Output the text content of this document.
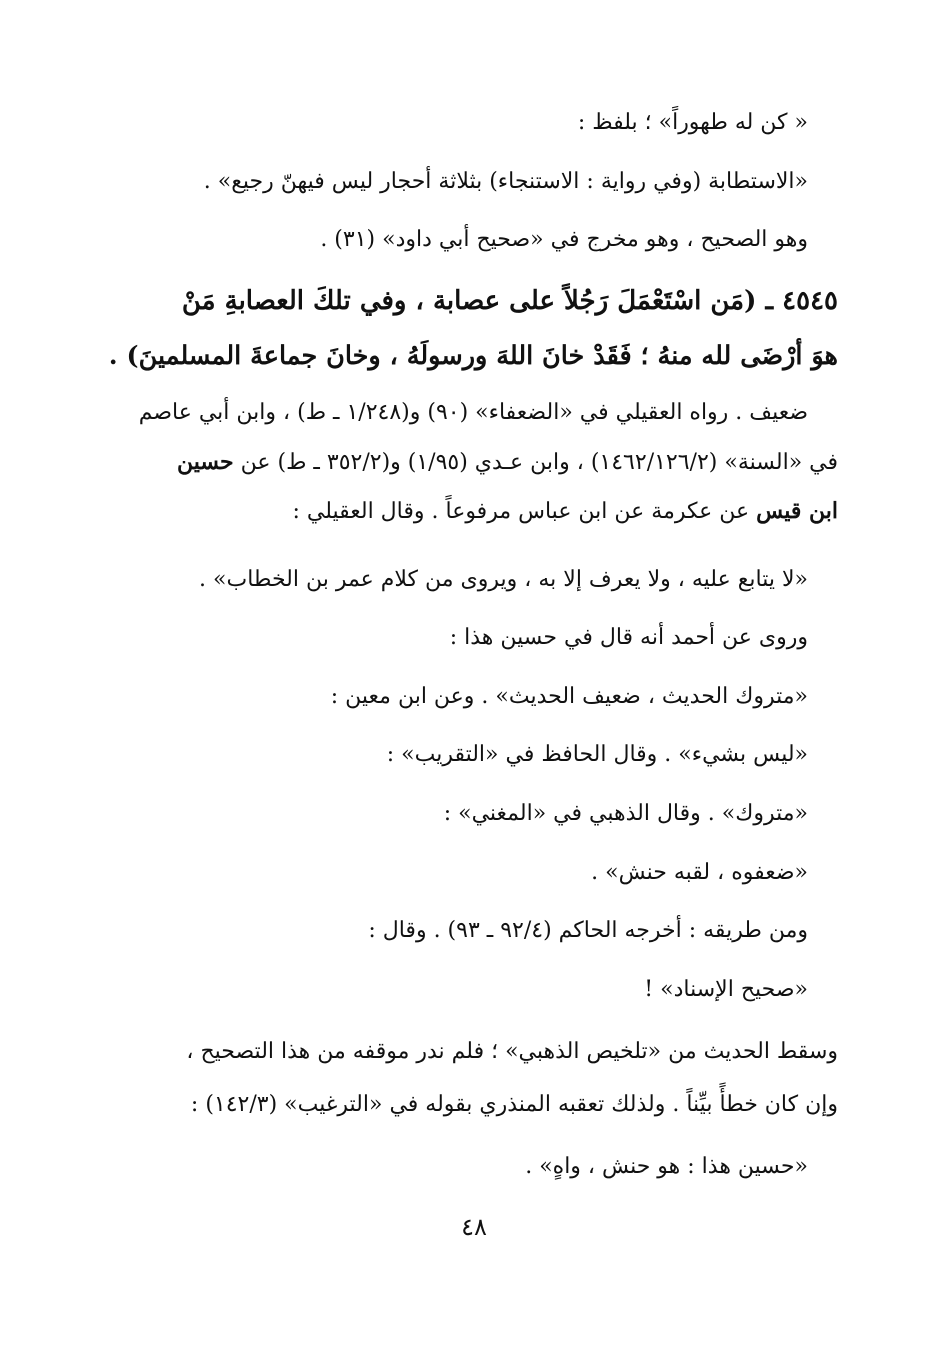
« كن له طهوراً» ؛ بلفظ :
«الاستطابة (وفي رواية : الاستنجاء) بثلاثة أحجار ليس فيهنّ رجيع» .
وهو الصحيح ، وهو مخرج في «صحيح أبي داود» (٣١) .
٤٥٤٥ ـ (مَن اسْتَعْمَلَ رَجُلاً على عصابة ، وفي تلكَ العصابةِ مَنْ
هوَ أرْضَى لله منهُ ؛ فَقَدْ خانَ اللهَ ورسولَهُ ، وخانَ جماعةَ المسلمينَ) .
ضعيف . رواه العقيلي في «الضعفاء» (٩٠) و(١/٢٤٨ ـ ط) ، وابن أبي عاصم
في «السنة» (١٤٦٢/١٢٦/٢) ، وابن عـدي (١/٩٥) و(٣٥٢/٢ ـ ط) عن حسين
ابن قيس عن عكرمة عن ابن عباس مرفوعاً . وقال العقيلي :
«لا يتابع عليه ، ولا يعرف إلا به ، ويروى من كلام عمر بن الخطاب» .
وروى عن أحمد أنه قال في حسين هذا :
«متروك الحديث ، ضعيف الحديث» . وعن ابن معين :
«ليس بشيء» . وقال الحافظ في «التقريب» :
«متروك» . وقال الذهبي في «المغني» :
«ضعفوه ، لقبه حنش» .
ومن طريقه : أخرجه الحاكم (٩٢/٤ ـ ٩٣) . وقال :
«صحيح الإسناد» !
وسقط الحديث من «تلخيص الذهبي» ؛ فلم ندر موقفه من هذا التصحيح ،
وإن كان خطأً بيِّناً . ولذلك تعقبه المنذري بقوله في «الترغيب» (١٤٢/٣) :
«حسين هذا : هو حنش ، واهٍ» .
٤٨
